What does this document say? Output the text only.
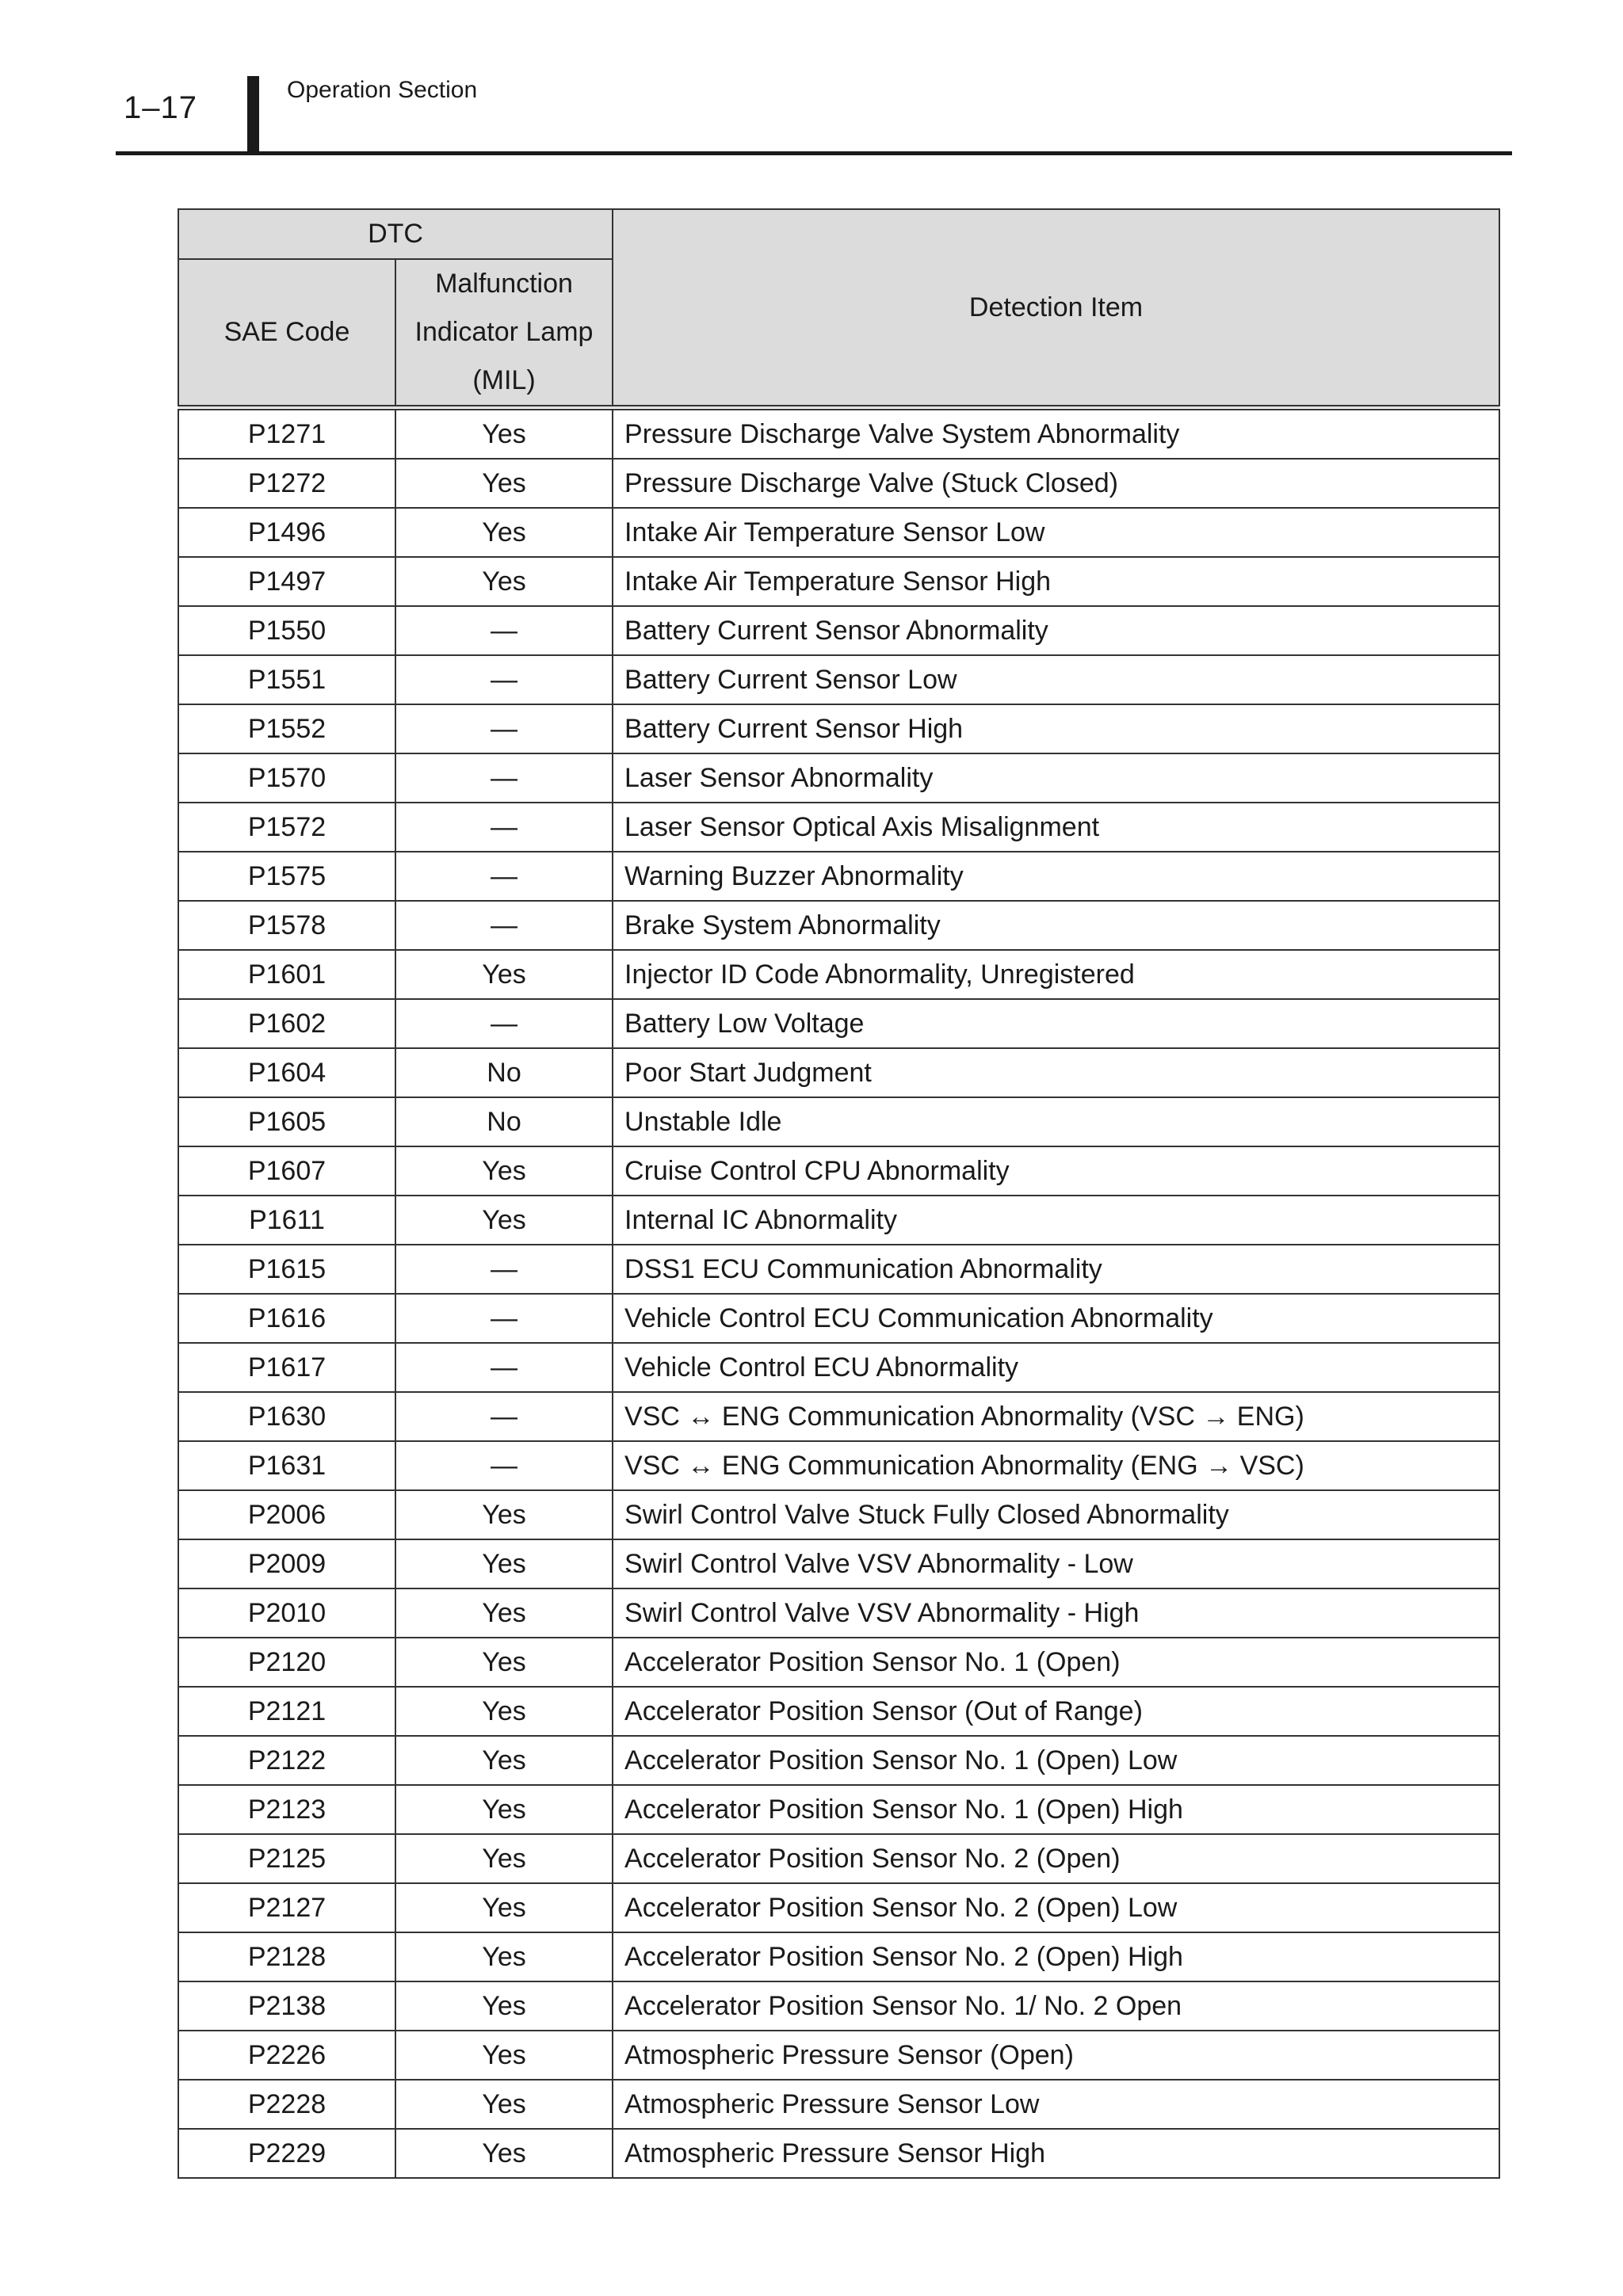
1–17
Operation Section
DTC		Detection Item
SAE Code	Malfunction
Indicator Lamp
(MIL)	
P1271	Yes	Pressure Discharge Valve System Abnormality
P1272	Yes	Pressure Discharge Valve (Stuck Closed)
P1496	Yes	Intake Air Temperature Sensor Low
P1497	Yes	Intake Air Temperature Sensor High
P1550	—	Battery Current Sensor Abnormality
P1551	—	Battery Current Sensor Low
P1552	—	Battery Current Sensor High
P1570	—	Laser Sensor Abnormality
P1572	—	Laser Sensor Optical Axis Misalignment
P1575	—	Warning Buzzer Abnormality
P1578	—	Brake System Abnormality
P1601	Yes	Injector ID Code Abnormality, Unregistered
P1602	—	Battery Low Voltage
P1604	No	Poor Start Judgment
P1605	No	Unstable Idle
P1607	Yes	Cruise Control CPU Abnormality
P1611	Yes	Internal IC Abnormality
P1615	—	DSS1 ECU Communication Abnormality
P1616	—	Vehicle Control ECU Communication Abnormality
P1617	—	Vehicle Control ECU Abnormality
P1630	—	VSC ↔ ENG Communication Abnormality (VSC → ENG)
P1631	—	VSC ↔ ENG Communication Abnormality (ENG → VSC)
P2006	Yes	Swirl Control Valve Stuck Fully Closed Abnormality
P2009	Yes	Swirl Control Valve VSV Abnormality - Low
P2010	Yes	Swirl Control Valve VSV Abnormality - High
P2120	Yes	Accelerator Position Sensor No. 1 (Open)
P2121	Yes	Accelerator Position Sensor (Out of Range)
P2122	Yes	Accelerator Position Sensor No. 1 (Open) Low
P2123	Yes	Accelerator Position Sensor No. 1 (Open) High
P2125	Yes	Accelerator Position Sensor No. 2 (Open)
P2127	Yes	Accelerator Position Sensor No. 2 (Open) Low
P2128	Yes	Accelerator Position Sensor No. 2 (Open) High
P2138	Yes	Accelerator Position Sensor No. 1/ No. 2 Open
P2226	Yes	Atmospheric Pressure Sensor (Open)
P2228	Yes	Atmospheric Pressure Sensor Low
P2229	Yes	Atmospheric Pressure Sensor High
